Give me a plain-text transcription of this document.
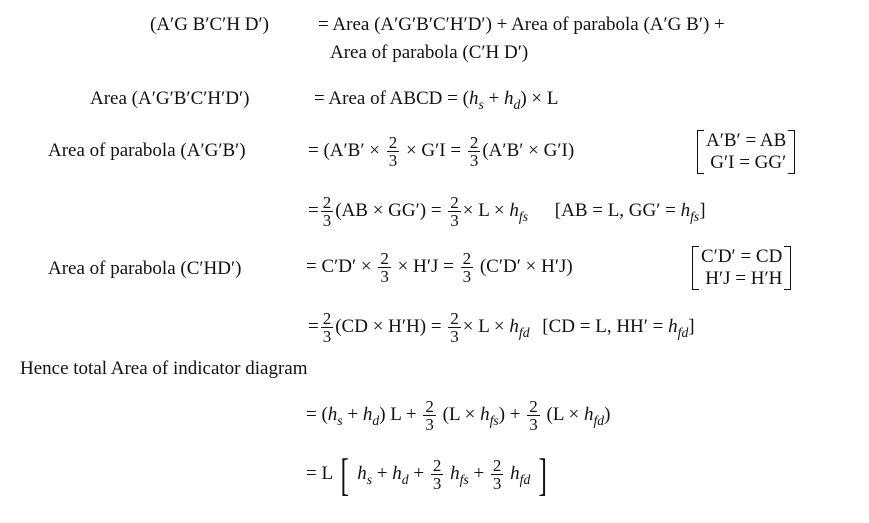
(A′G B′C′H D′)	= Area (A′G′B′C′H′D′) + Area of parabola (A′G B′) +
Area of parabola (C′H D′)
Area (A′G′B′C′H′D′)	= Area of ABCD = $(h_s + h_d) \times L$
Area of parabola (A′G′B′)	= ($A'B' \times \frac{2}{3} \times G'I = \frac{2}{3} (A'B' \times G'I)$	A′B′ = AB
G′I = GG′
= $\frac{2}{3} (AB \times GG') = \frac{2}{3} \times L \times h_{fs}$ [AB = L, $GG' = h_{fs}$]
Area of parabola (C′HD′)	= $C'D' \times \frac{2}{3} \times H'J = \frac{2}{3} (C'D' \times H'J)$	C′D′ = CD
H′J = H′H
= $\frac{2}{3} (CD \times H'H) = \frac{2}{3} \times L \times h_{fd}$ [CD = L, $HH' = h_{fd}$]
Hence total Area of indicator diagram
= $(h_s + h_d) L + \frac{2}{3} (L \times h_{fs}) + \frac{2}{3} (L \times h_{fd})$
= L [ $h_s + h_d + \frac{2}{3} h_{fs} + \frac{2}{3} h_{fd}$ ]
